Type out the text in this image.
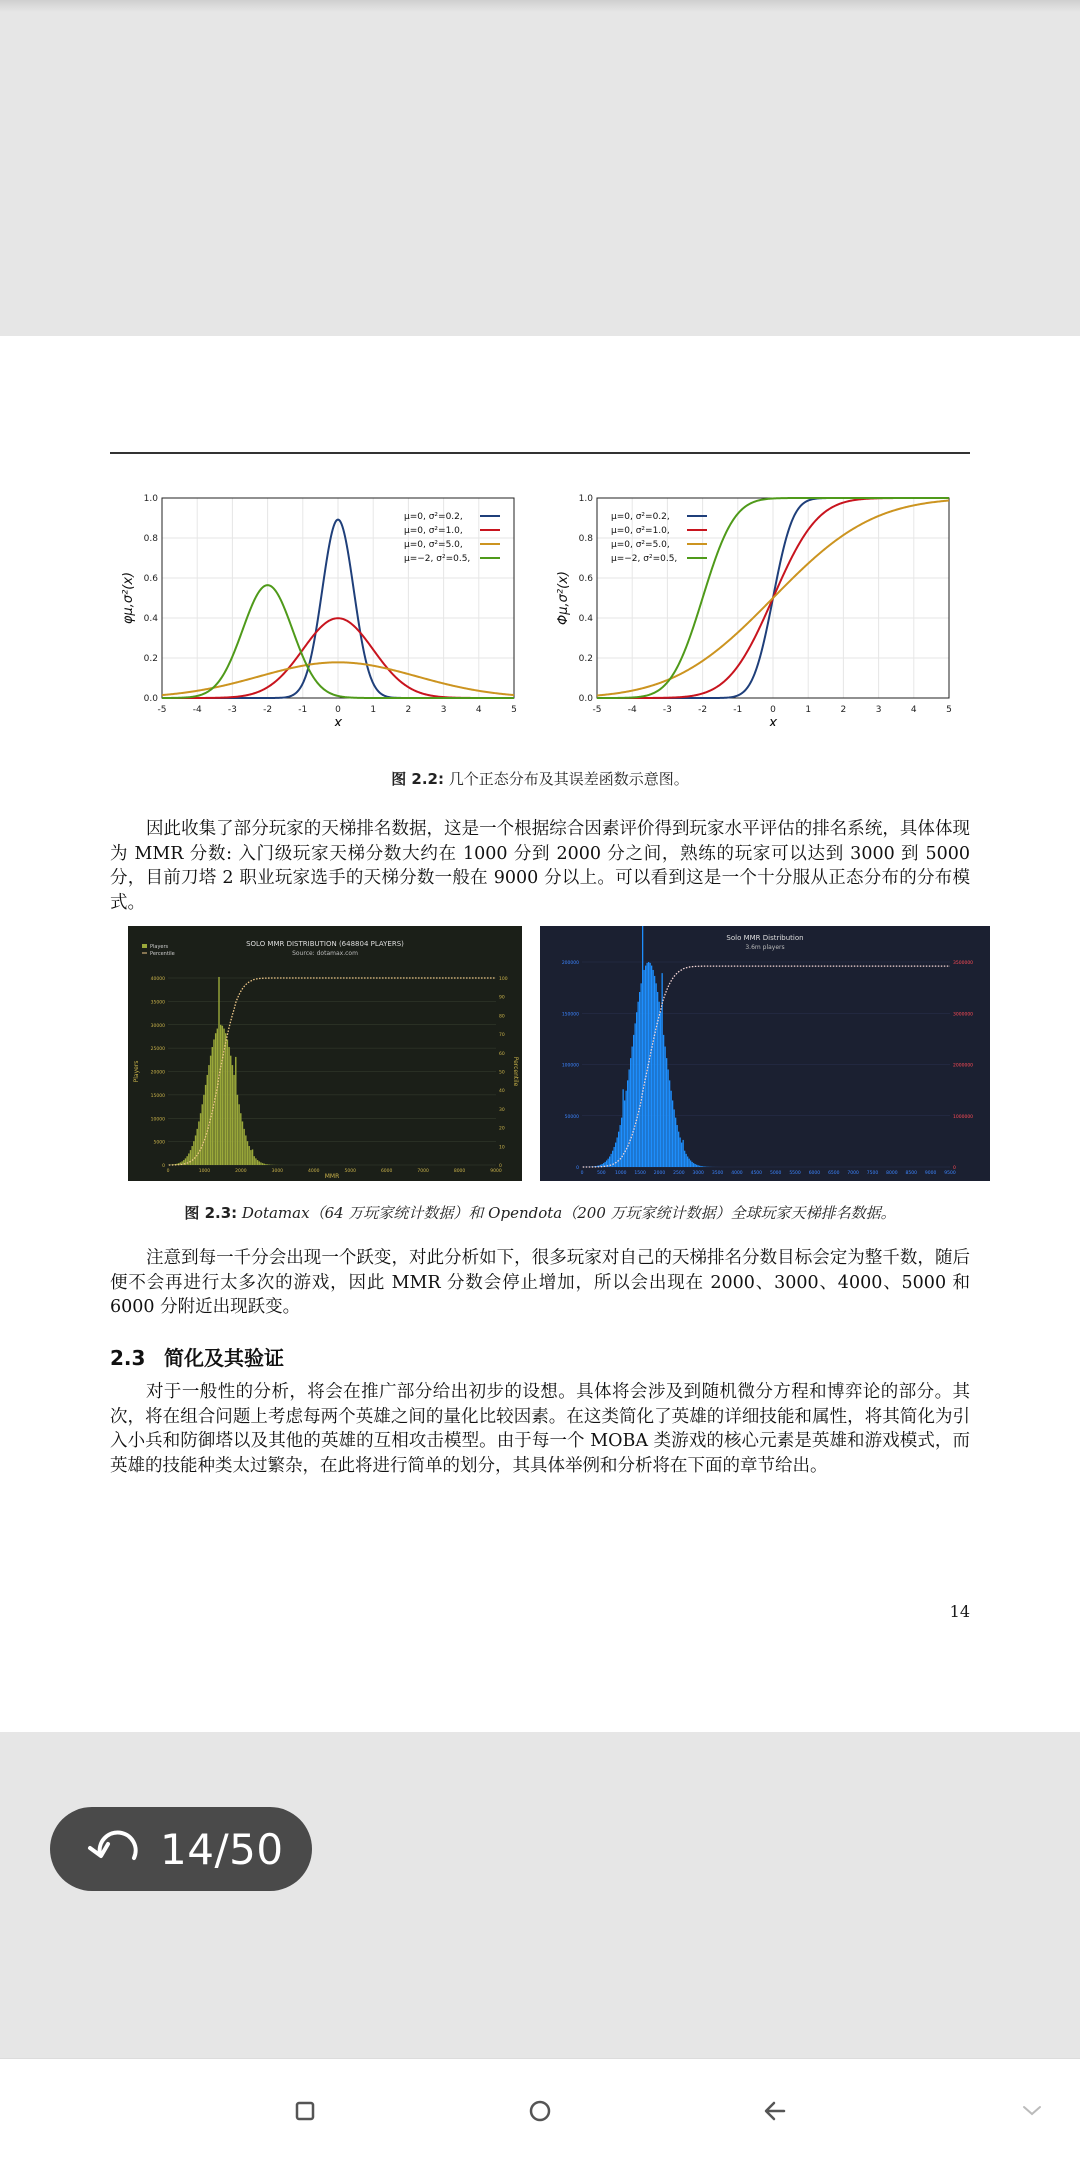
-5	-4	-3	-2	-1	0	1	2	3	4	5
0.0
0.2
0.4
0.6
0.8
1.0
x
φμ,σ²(x)
μ=0, σ²=0.2,
μ=0, σ²=1.0,
μ=0, σ²=5.0,
μ=−2, σ²=0.5,
-5	-4	-3	-2	-1	0	1	2	3	4	5
0.0
0.2
0.4
0.6
0.8
1.0
x
Φμ,σ²(x)
μ=0, σ²=0.2,
μ=0, σ²=1.0,
μ=0, σ²=5.0,
μ=−2, σ²=0.5,
图 2.2: 几个正态分布及其误差函数示意图。

因此收集了部分玩家的天梯排名数据，这是一个根据综合因素评价得到玩家水平评估的排名系统，具体体现为 MMR 分数: 入门级玩家天梯分数大约在 1000 分到 2000 分之间，熟练的玩家可以达到 3000 到 5000 分，目前刀塔 2 职业玩家选手的天梯分数一般在 9000 分以上。可以看到这是一个十分服从正态分布的分布模式。

SOLO MMR DISTRIBUTION (648804 PLAYERS)
Source: dotamax.com
Players
Percentile
0
5000
10000
15000
20000
25000
30000
35000
40000
0
10
20
30
40
50
60
70
80
90
100
0	1000	2000	3000	4000	5000	6000	7000	8000	9000
MMR
Players	Percentile
Solo MMR Distribution
3.6m players
0
50000
100000
150000
200000
0
1000000
2000000
3000000
3500000
0	500 1000 1500 2000 2500 3000 3500 4000 4500 5000 5500 6000 6500 7000 7500 8000 8500 9000 9500
图 2.3: Dotamax（64 万玩家统计数据）和 Opendota（200 万玩家统计数据）全球玩家天梯排名数据。

注意到每一千分会出现一个跃变，对此分析如下，很多玩家对自己的天梯排名分数目标会定为整千数，随后便不会再进行太多次的游戏，因此 MMR 分数会停止增加，所以会出现在 2000、3000、4000、5000 和 6000 分附近出现跃变。

2.3 简化及其验证

对于一般性的分析，将会在推广部分给出初步的设想。具体将会涉及到随机微分方程和博弈论的部分。其次，将在组合问题上考虑每两个英雄之间的量化比较因素。在这类简化了英雄的详细技能和属性，将其简化为引入小兵和防御塔以及其他的英雄的互相攻击模型。由于每一个 MOBA 类游戏的核心元素是英雄和游戏模式，而英雄的技能种类太过繁杂，在此将进行简单的划分，其具体举例和分析将在下面的章节给出。

14
14/50
